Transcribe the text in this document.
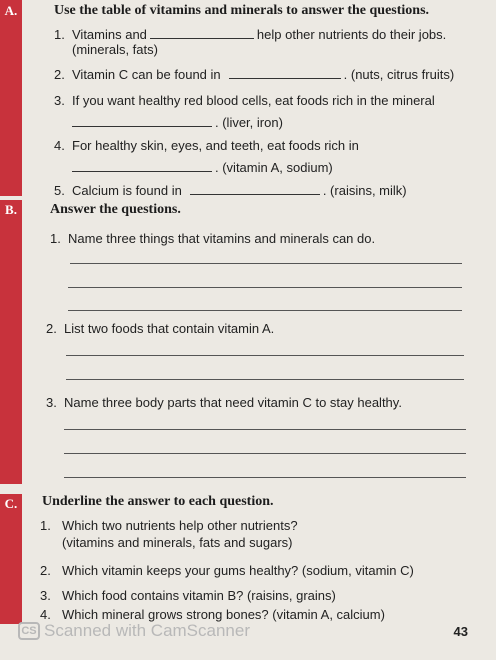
A.	Use the table of vitamins and minerals to answer the questions.
1. Vitamins and	help other nutrients do their jobs.
(minerals, fats)
2. Vitamin C can be found in	. (nuts, citrus fruits)
3. If you want healthy red blood cells, eat foods rich in the mineral
. (liver, iron)
4. For healthy skin, eyes, and teeth, eat foods rich in
. (vitamin A, sodium)
5. Calcium is found in	. (raisins, milk)
B. Answer the questions.
1. Name three things that vitamins and minerals can do.
2. List two foods that contain vitamin A.
3. Name three body parts that need vitamin C to stay healthy.
C. Underline the answer to each question.
1. Which two nutrients help other nutrients?
(vitamins and minerals, fats and sugars)
2. Which vitamin keeps your gums healthy? (sodium, vitamin C)
3. Which food contains vitamin B? (raisins, grains)
4. Which mineral grows strong bones? (vitamin A, calcium)
CS Scanned with CamScanner	43
